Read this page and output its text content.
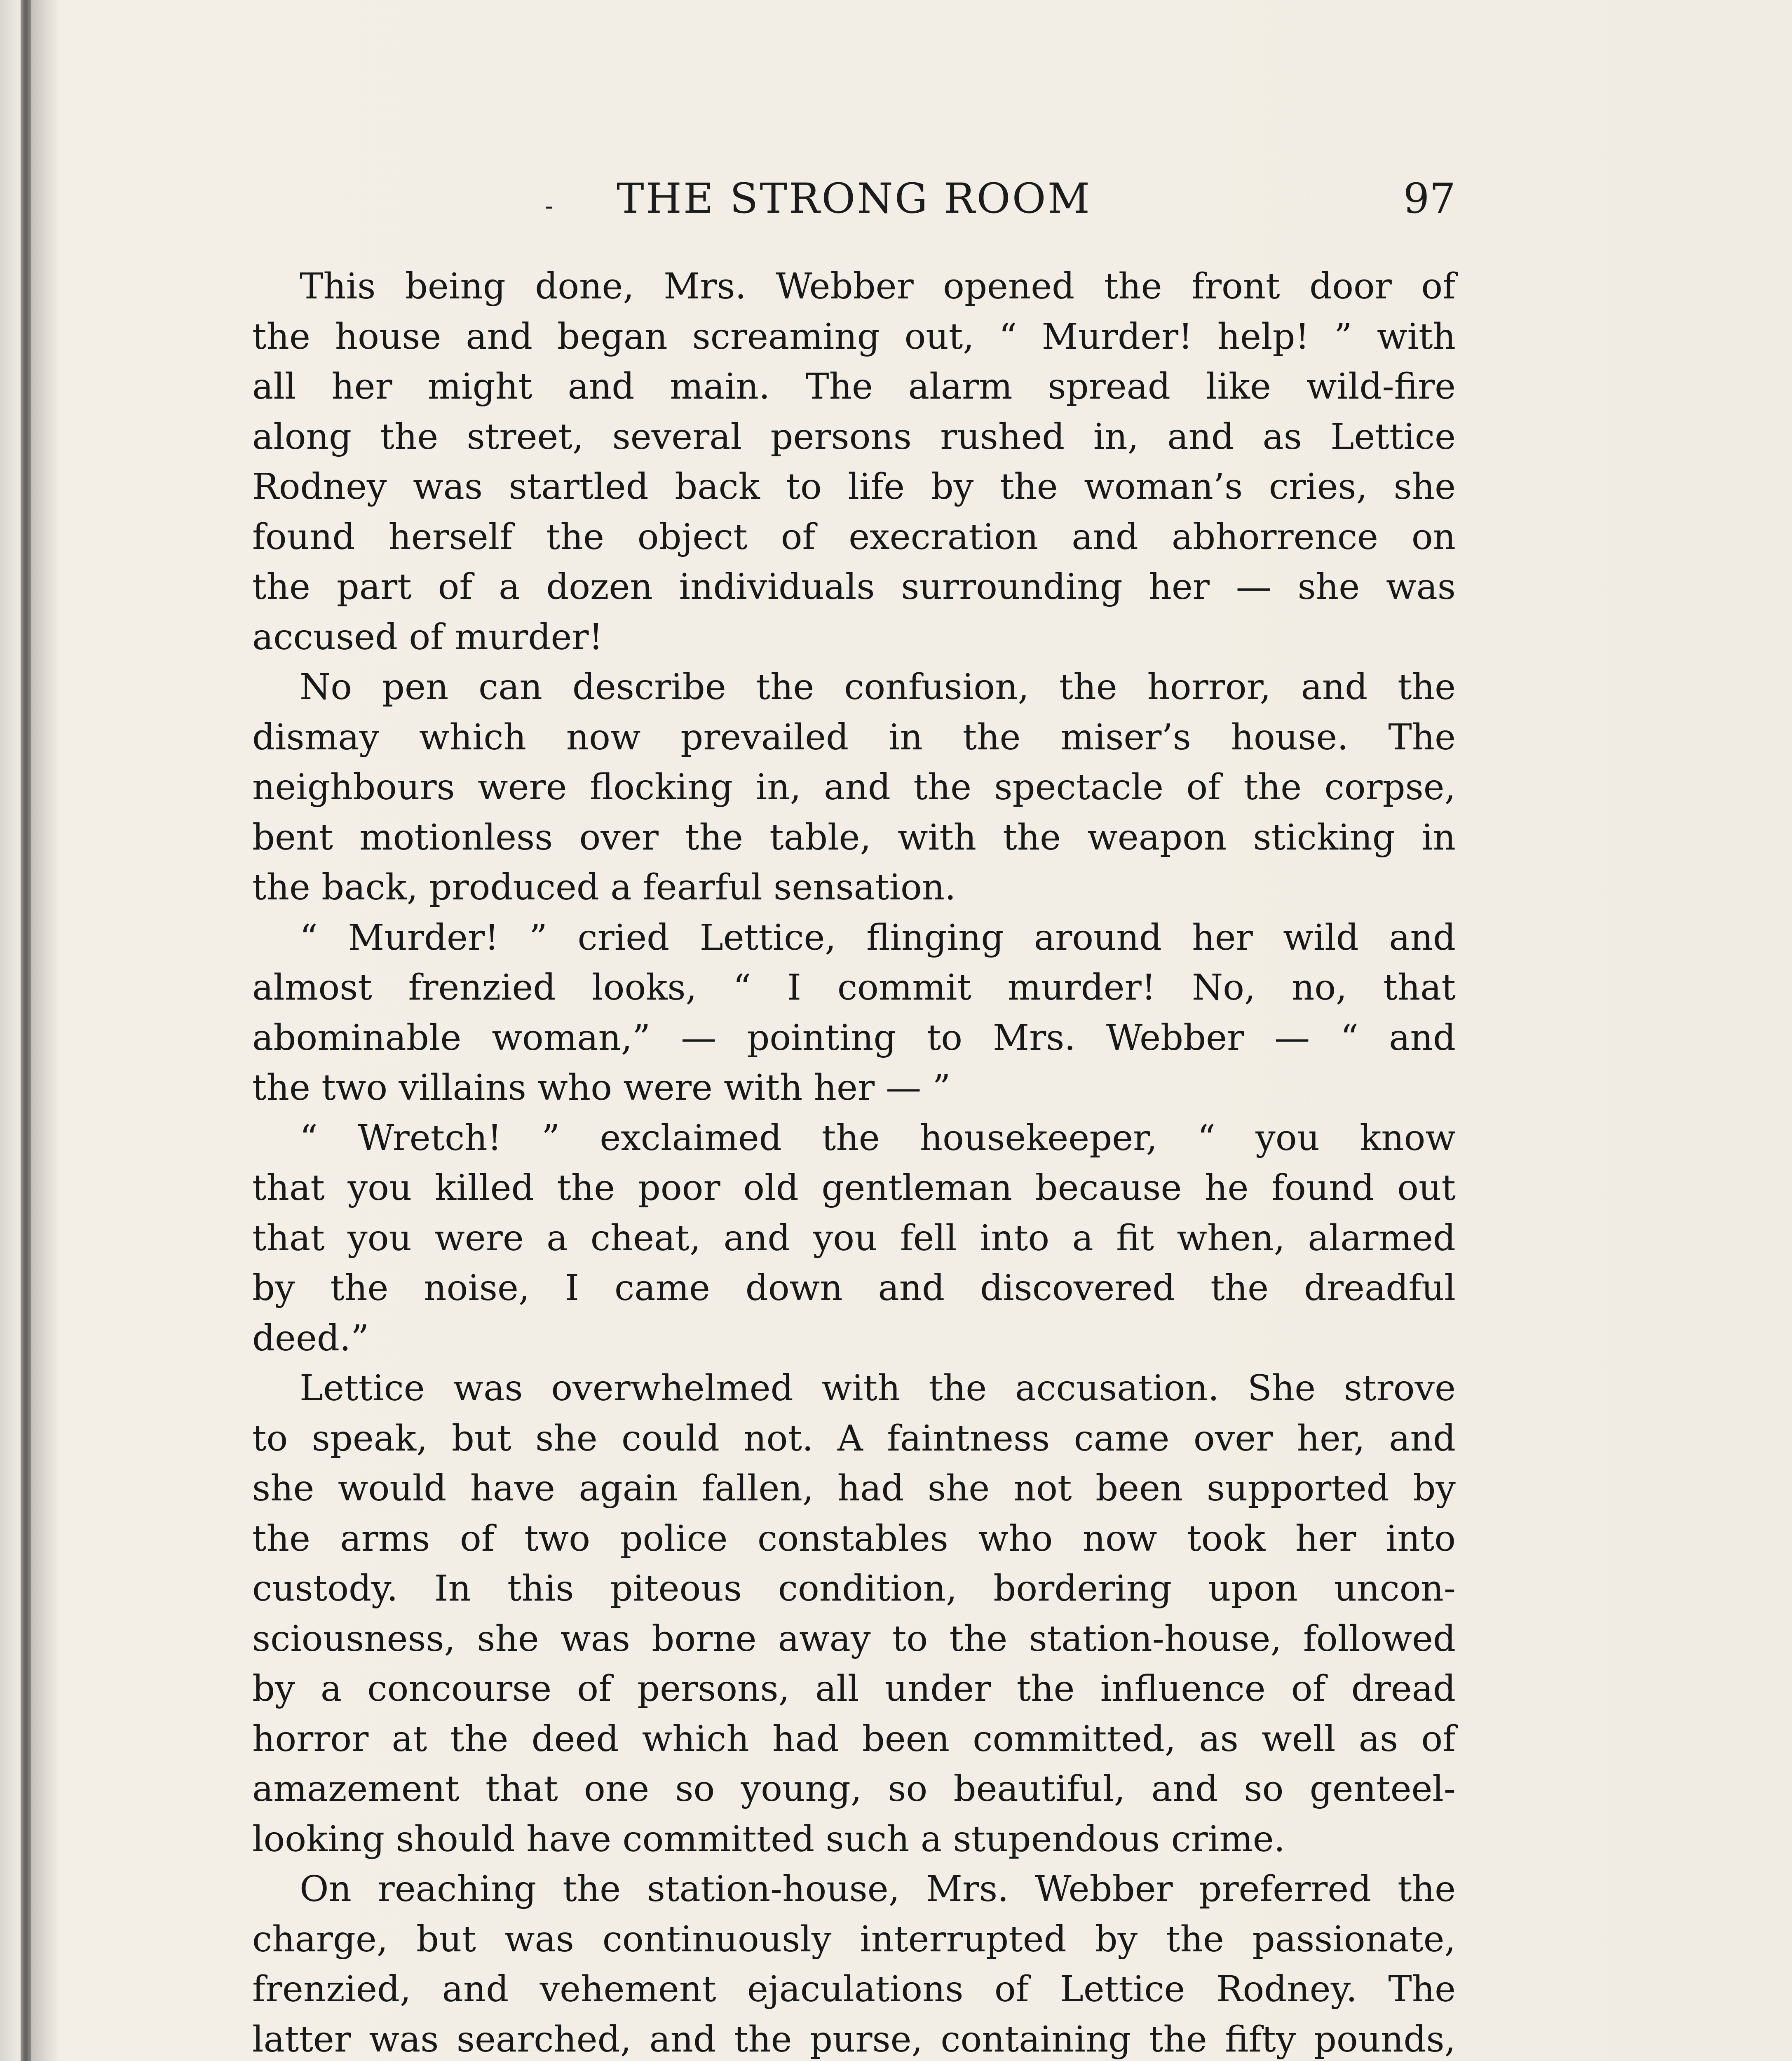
-	THE STRONG ROOM	97
This being done, Mrs. Webber opened the front door of
the house and began screaming out, “ Murder! help! ” with
all her might and main. The alarm spread like wild-fire
along the street, several persons rushed in, and as Lettice
Rodney was startled back to life by the woman’s cries, she
found herself the object of execration and abhorrence on
the part of a dozen individuals surrounding her — she was
accused of murder!
No pen can describe the confusion, the horror, and the
dismay which now prevailed in the miser’s house. The
neighbours were flocking in, and the spectacle of the corpse,
bent motionless over the table, with the weapon sticking in
the back, produced a fearful sensation.
“ Murder! ” cried Lettice, flinging around her wild and
almost frenzied looks, “ I commit murder! No, no, that
abominable woman,” — pointing to Mrs. Webber — “ and
the two villains who were with her — ”
“ Wretch! ” exclaimed the housekeeper, “ you know
that you killed the poor old gentleman because he found out
that you were a cheat, and you fell into a fit when, alarmed
by the noise, I came down and discovered the dreadful
deed.”
Lettice was overwhelmed with the accusation. She strove
to speak, but she could not. A faintness came over her, and
she would have again fallen, had she not been supported by
the arms of two police constables who now took her into
custody. In this piteous condition, bordering upon uncon-
sciousness, she was borne away to the station-house, followed
by a concourse of persons, all under the influence of dread
horror at the deed which had been committed, as well as of
amazement that one so young, so beautiful, and so genteel-
looking should have committed such a stupendous crime.
On reaching the station-house, Mrs. Webber preferred the
charge, but was continuously interrupted by the passionate,
frenzied, and vehement ejaculations of Lettice Rodney. The
latter was searched, and the purse, containing the fifty pounds,
